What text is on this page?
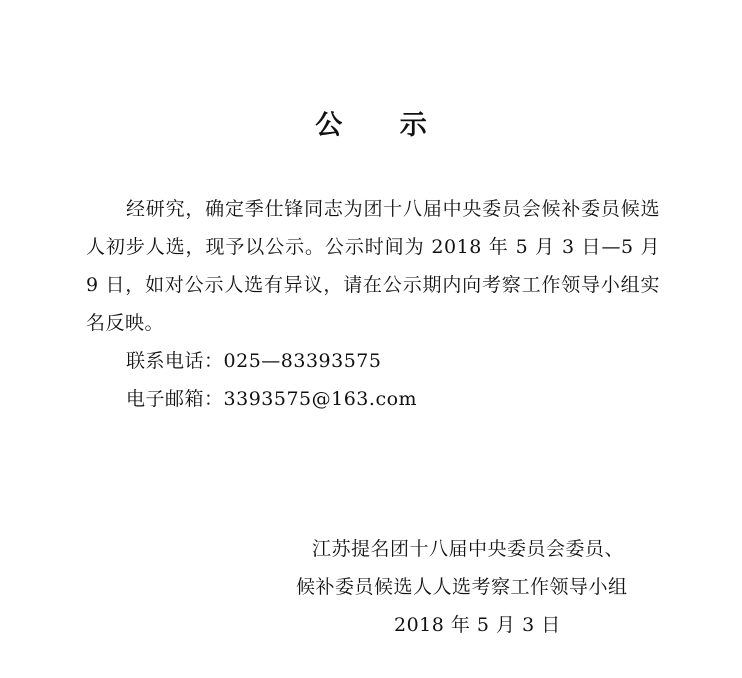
公 示

经研究，确定季仕锋同志为团十八届中央委员会候补委员候选人初步人选，现予以公示。公示时间为 2018 年 5 月 3 日—5 月 9 日，如对公示人选有异议，请在公示期内向考察工作领导小组实名反映。

联系电话：025—83393575

电子邮箱：3393575@163.com

江苏提名团十八届中央委员会委员、
候补委员候选人人选考察工作领导小组
2018 年 5 月 3 日
